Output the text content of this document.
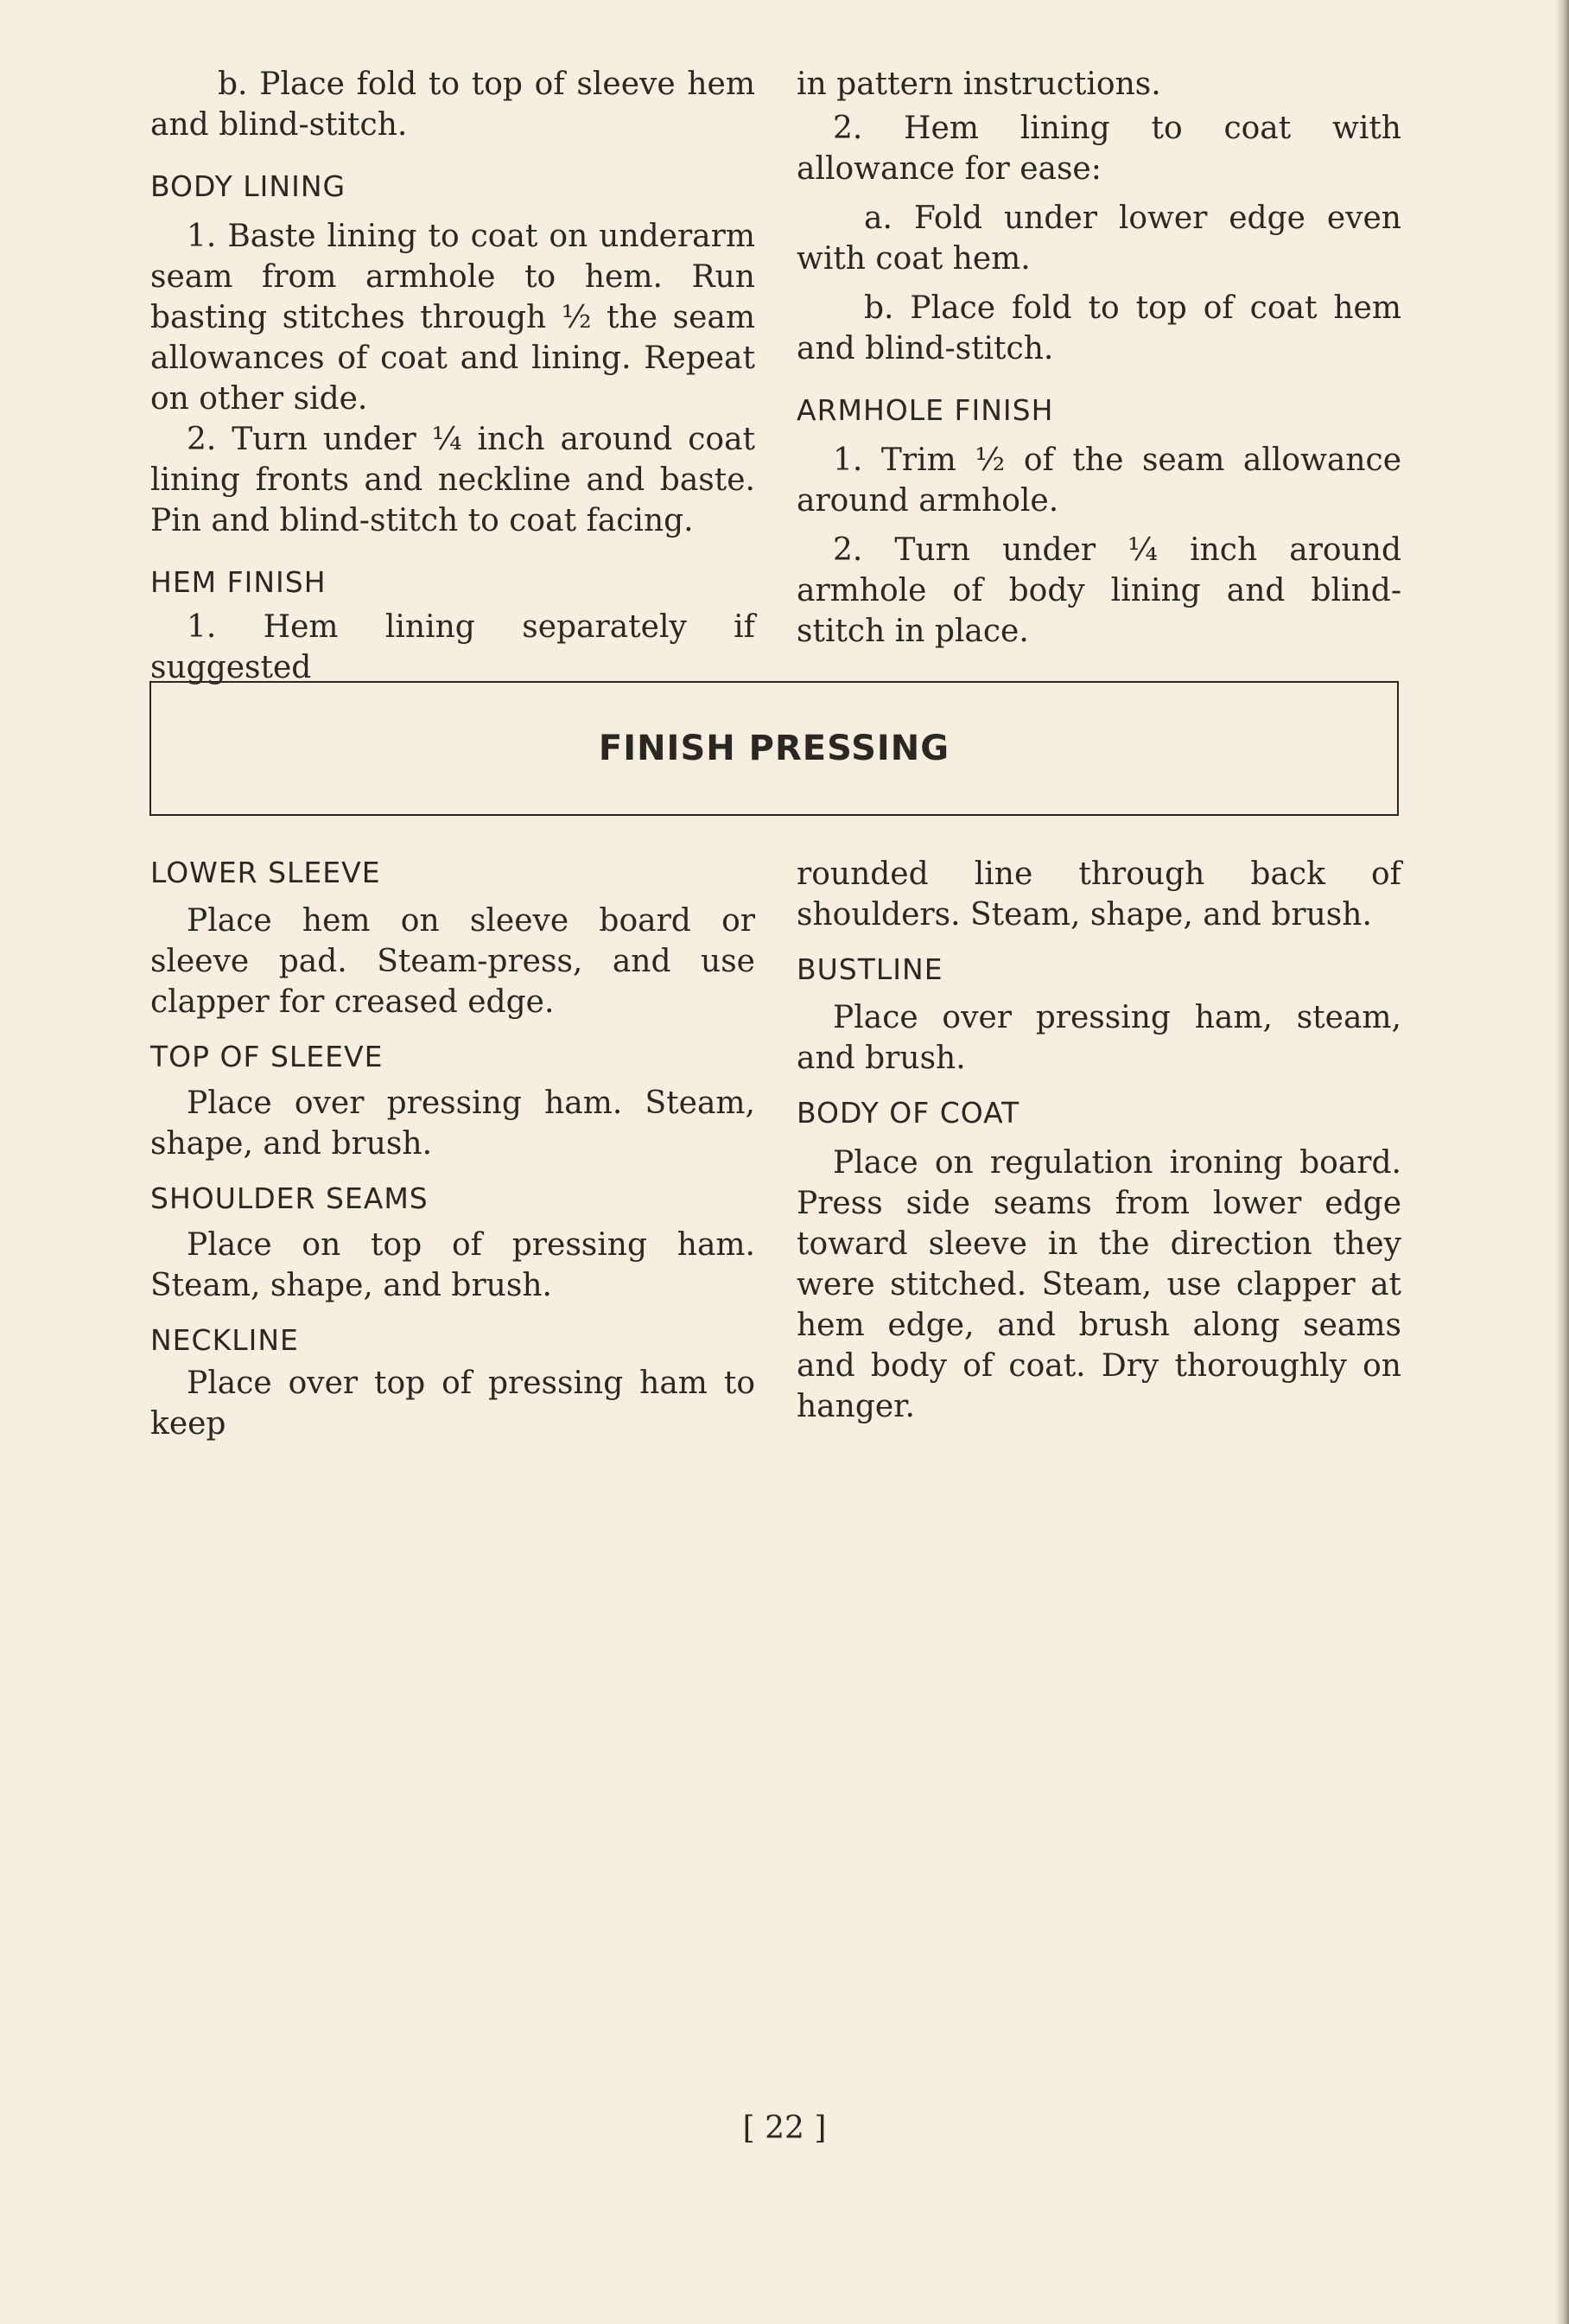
b. Place fold to top of sleeve hem and blind-stitch.

BODY LINING

1. Baste lining to coat on underarm seam from armhole to hem. Run basting stitches through ½ the seam allowances of coat and lining. Repeat on other side.

2. Turn under ¼ inch around coat lining fronts and neckline and baste. Pin and blind-stitch to coat facing.

HEM FINISH

1. Hem lining separately if suggested

in pattern instructions.

2. Hem lining to coat with allowance for ease:

a. Fold under lower edge even with coat hem.

b. Place fold to top of coat hem and blind-stitch.

ARMHOLE FINISH

1. Trim ½ of the seam allowance around armhole.

2. Turn under ¼ inch around armhole of body lining and blind-stitch in place.

FINISH PRESSING
LOWER SLEEVE

Place hem on sleeve board or sleeve pad. Steam-press, and use clapper for creased edge.

TOP OF SLEEVE

Place over pressing ham. Steam, shape, and brush.

SHOULDER SEAMS

Place on top of pressing ham. Steam, shape, and brush.

NECKLINE

Place over top of pressing ham to keep

rounded line through back of shoulders. Steam, shape, and brush.

BUSTLINE

Place over pressing ham, steam, and brush.

BODY OF COAT

Place on regulation ironing board. Press side seams from lower edge toward sleeve in the direction they were stitched. Steam, use clapper at hem edge, and brush along seams and body of coat. Dry thoroughly on hanger.

[ 22 ]
